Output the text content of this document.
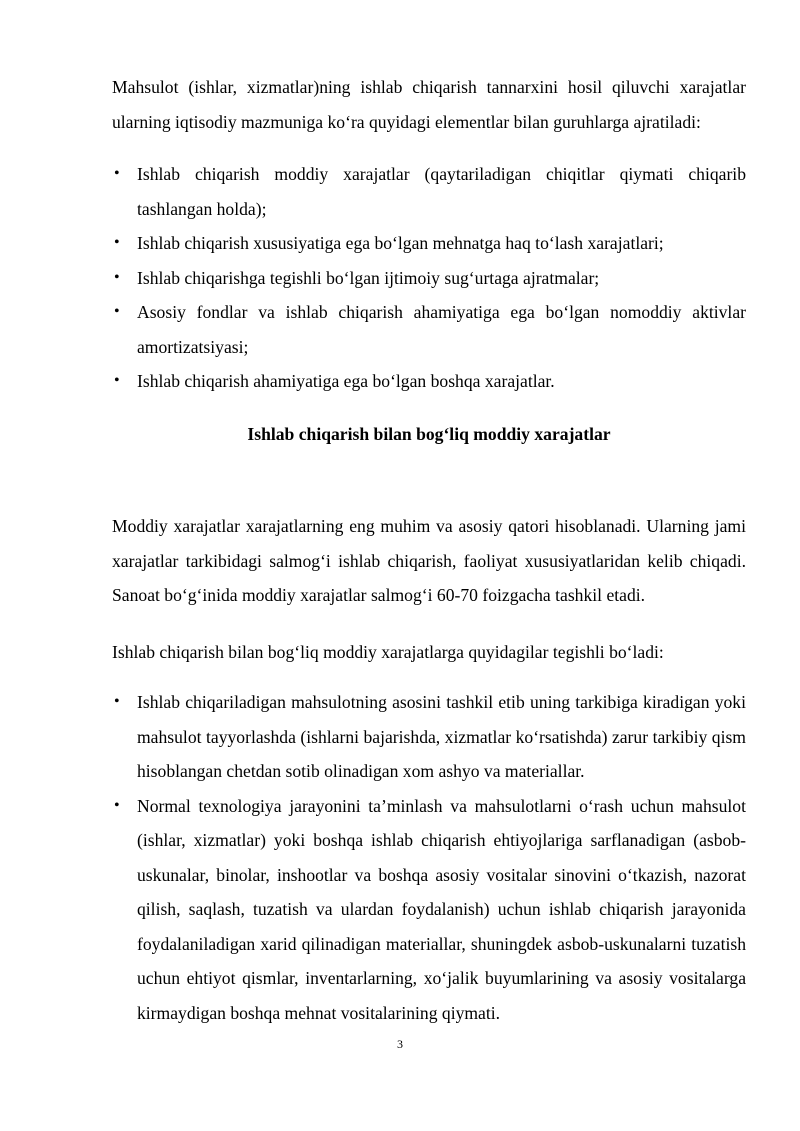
Mahsulot (ishlar, xizmatlar)ning ishlab chiqarish tannarxini hosil qiluvchi xarajatlar ularning iqtisodiy mazmuniga koʻra quyidagi elementlar bilan guruhlarga ajratiladi:

• Ishlab chiqarish moddiy xarajatlar (qaytariladigan chiqitlar qiymati chiqarib tashlangan holda);
• Ishlab chiqarish xususiyatiga ega boʻlgan mehnatga haq toʻlash xarajatlari;
• Ishlab chiqarishga tegishli boʻlgan ijtimoiy sugʻurtaga ajratmalar;
• Asosiy fondlar va ishlab chiqarish ahamiyatiga ega boʻlgan nomoddiy aktivlar amortizatsiyasi;
• Ishlab chiqarish ahamiyatiga ega boʻlgan boshqa xarajatlar.
Ishlab chiqarish bilan bogʻliq moddiy xarajatlar

Moddiy xarajatlar xarajatlarning eng muhim va asosiy qatori hisoblanadi. Ularning jami xarajatlar tarkibidagi salmogʻi ishlab chiqarish, faoliyat xususiyatlaridan kelib chiqadi. Sanoat boʻgʻinida moddiy xarajatlar salmogʻi 60-70 foizgacha tashkil etadi.

Ishlab chiqarish bilan bogʻliq moddiy xarajatlarga quyidagilar tegishli boʻladi:

• Ishlab chiqariladigan mahsulotning asosini tashkil etib uning tarkibiga kiradigan yoki mahsulot tayyorlashda (ishlarni bajarishda, xizmatlar koʻrsatishda) zarur tarkibiy qism hisoblangan chetdan sotib olinadigan xom ashyo va materiallar.
• Normal texnologiya jarayonini ta’minlash va mahsulotlarni oʻrash uchun mahsulot (ishlar, xizmatlar) yoki boshqa ishlab chiqarish ehtiyojlariga sarflanadigan (asbob-uskunalar, binolar, inshootlar va boshqa asosiy vositalar sinovini oʻtkazish, nazorat qilish, saqlash, tuzatish va ulardan foydalanish) uchun ishlab chiqarish jarayonida foydalaniladigan xarid qilinadigan materiallar, shuningdek asbob-uskunalarni tuzatish uchun ehtiyot qismlar, inventarlarning, xoʻjalik buyumlarining va asosiy vositalarga kirmaydigan boshqa mehnat vositalarining qiymati.
3
